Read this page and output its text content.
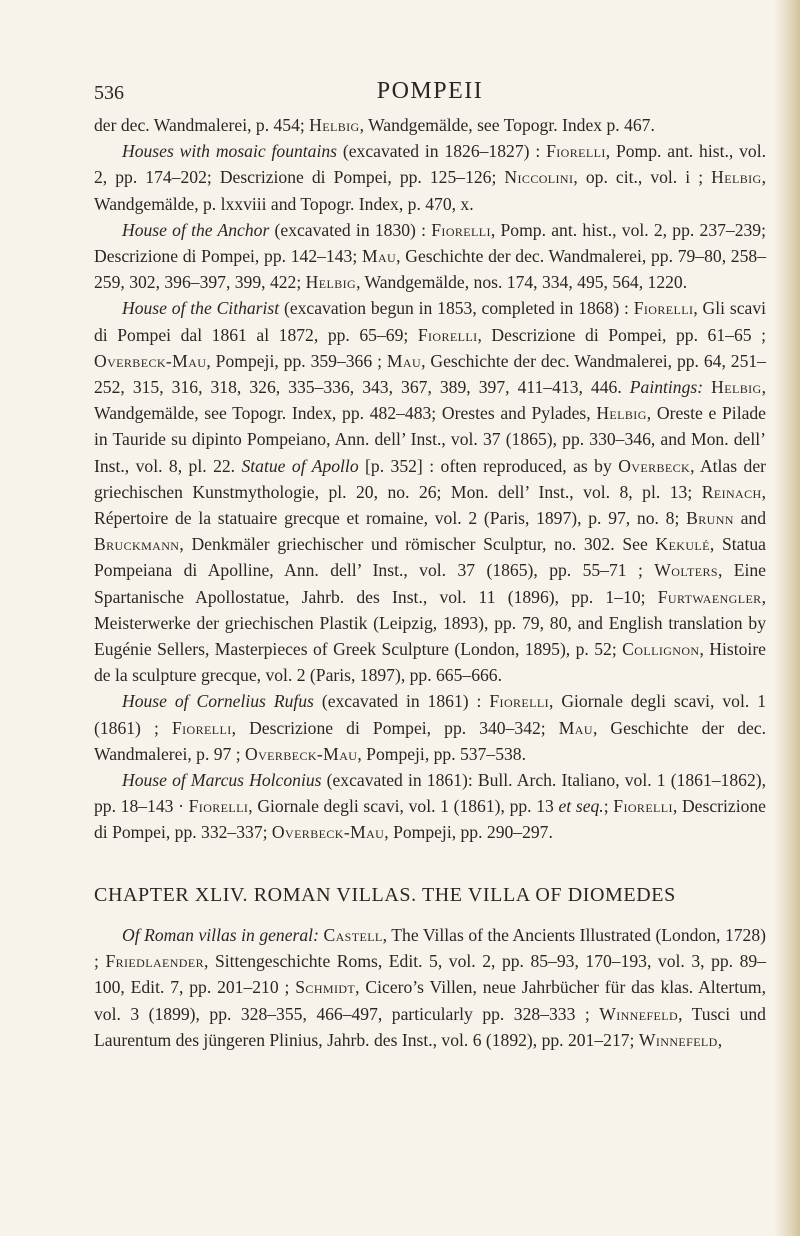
536	POMPEII

der dec. Wandmalerei, p. 454; Helbig, Wandgemälde, see Topogr. Index p. 467.

Houses with mosaic fountains (excavated in 1826–1827) : Fiorelli, Pomp. ant. hist., vol. 2, pp. 174–202; Descrizione di Pompei, pp. 125–126; Niccolini, op. cit., vol. i ; Helbig, Wandgemälde, p. lxxviii and Topogr. Index, p. 470, x.

House of the Anchor (excavated in 1830) : Fiorelli, Pomp. ant. hist., vol. 2, pp. 237–239; Descrizione di Pompei, pp. 142–143; Mau, Geschichte der dec. Wandmalerei, pp. 79–80, 258–259, 302, 396–397, 399, 422; Helbig, Wandgemälde, nos. 174, 334, 495, 564, 1220.

House of the Citharist (excavation begun in 1853, completed in 1868) : Fiorelli, Gli scavi di Pompei dal 1861 al 1872, pp. 65–69; Fiorelli, Descrizione di Pompei, pp. 61–65 ; Overbeck-Mau, Pompeji, pp. 359–366 ; Mau, Geschichte der dec. Wandmalerei, pp. 64, 251–252, 315, 316, 318, 326, 335–336, 343, 367, 389, 397, 411–413, 446. Paintings: Helbig, Wandgemälde, see Topogr. Index, pp. 482–483; Orestes and Pylades, Helbig, Oreste e Pilade in Tauride su dipinto Pompeiano, Ann. dell’ Inst., vol. 37 (1865), pp. 330–346, and Mon. dell’ Inst., vol. 8, pl. 22. Statue of Apollo [p. 352] : often reproduced, as by Overbeck, Atlas der griechischen Kunstmythologie, pl. 20, no. 26; Mon. dell’ Inst., vol. 8, pl. 13; Reinach, Répertoire de la statuaire grecque et romaine, vol. 2 (Paris, 1897), p. 97, no. 8; Brunn and Bruckmann, Denkmäler griechischer und römischer Sculptur, no. 302. See Kekulé, Statua Pompeiana di Apolline, Ann. dell’ Inst., vol. 37 (1865), pp. 55–71 ; Wolters, Eine Spartanische Apollostatue, Jahrb. des Inst., vol. 11 (1896), pp. 1–10; Furtwaengler, Meisterwerke der griechischen Plastik (Leipzig, 1893), pp. 79, 80, and English translation by Eugénie Sellers, Masterpieces of Greek Sculpture (London, 1895), p. 52; Collignon, Histoire de la sculpture grecque, vol. 2 (Paris, 1897), pp. 665–666.

House of Cornelius Rufus (excavated in 1861) : Fiorelli, Giornale degli scavi, vol. 1 (1861) ; Fiorelli, Descrizione di Pompei, pp. 340–342; Mau, Geschichte der dec. Wandmalerei, p. 97 ; Overbeck-Mau, Pompeji, pp. 537–538.

House of Marcus Holconius (excavated in 1861): Bull. Arch. Italiano, vol. 1 (1861–1862), pp. 18–143 · Fiorelli, Giornale degli scavi, vol. 1 (1861), pp. 13 et seq.; Fiorelli, Descrizione di Pompei, pp. 332–337; Overbeck-Mau, Pompeji, pp. 290–297.

CHAPTER XLIV. ROMAN VILLAS. THE VILLA OF DIOMEDES

Of Roman villas in general: Castell, The Villas of the Ancients Illustrated (London, 1728) ; Friedlaender, Sittengeschichte Roms, Edit. 5, vol. 2, pp. 85–93, 170–193, vol. 3, pp. 89–100, Edit. 7, pp. 201–210 ; Schmidt, Cicero’s Villen, neue Jahrbücher für das klas. Altertum, vol. 3 (1899), pp. 328–355, 466–497, particularly pp. 328–333 ; Winnefeld, Tusci und Laurentum des jüngeren Plinius, Jahrb. des Inst., vol. 6 (1892), pp. 201–217; Winnefeld,
